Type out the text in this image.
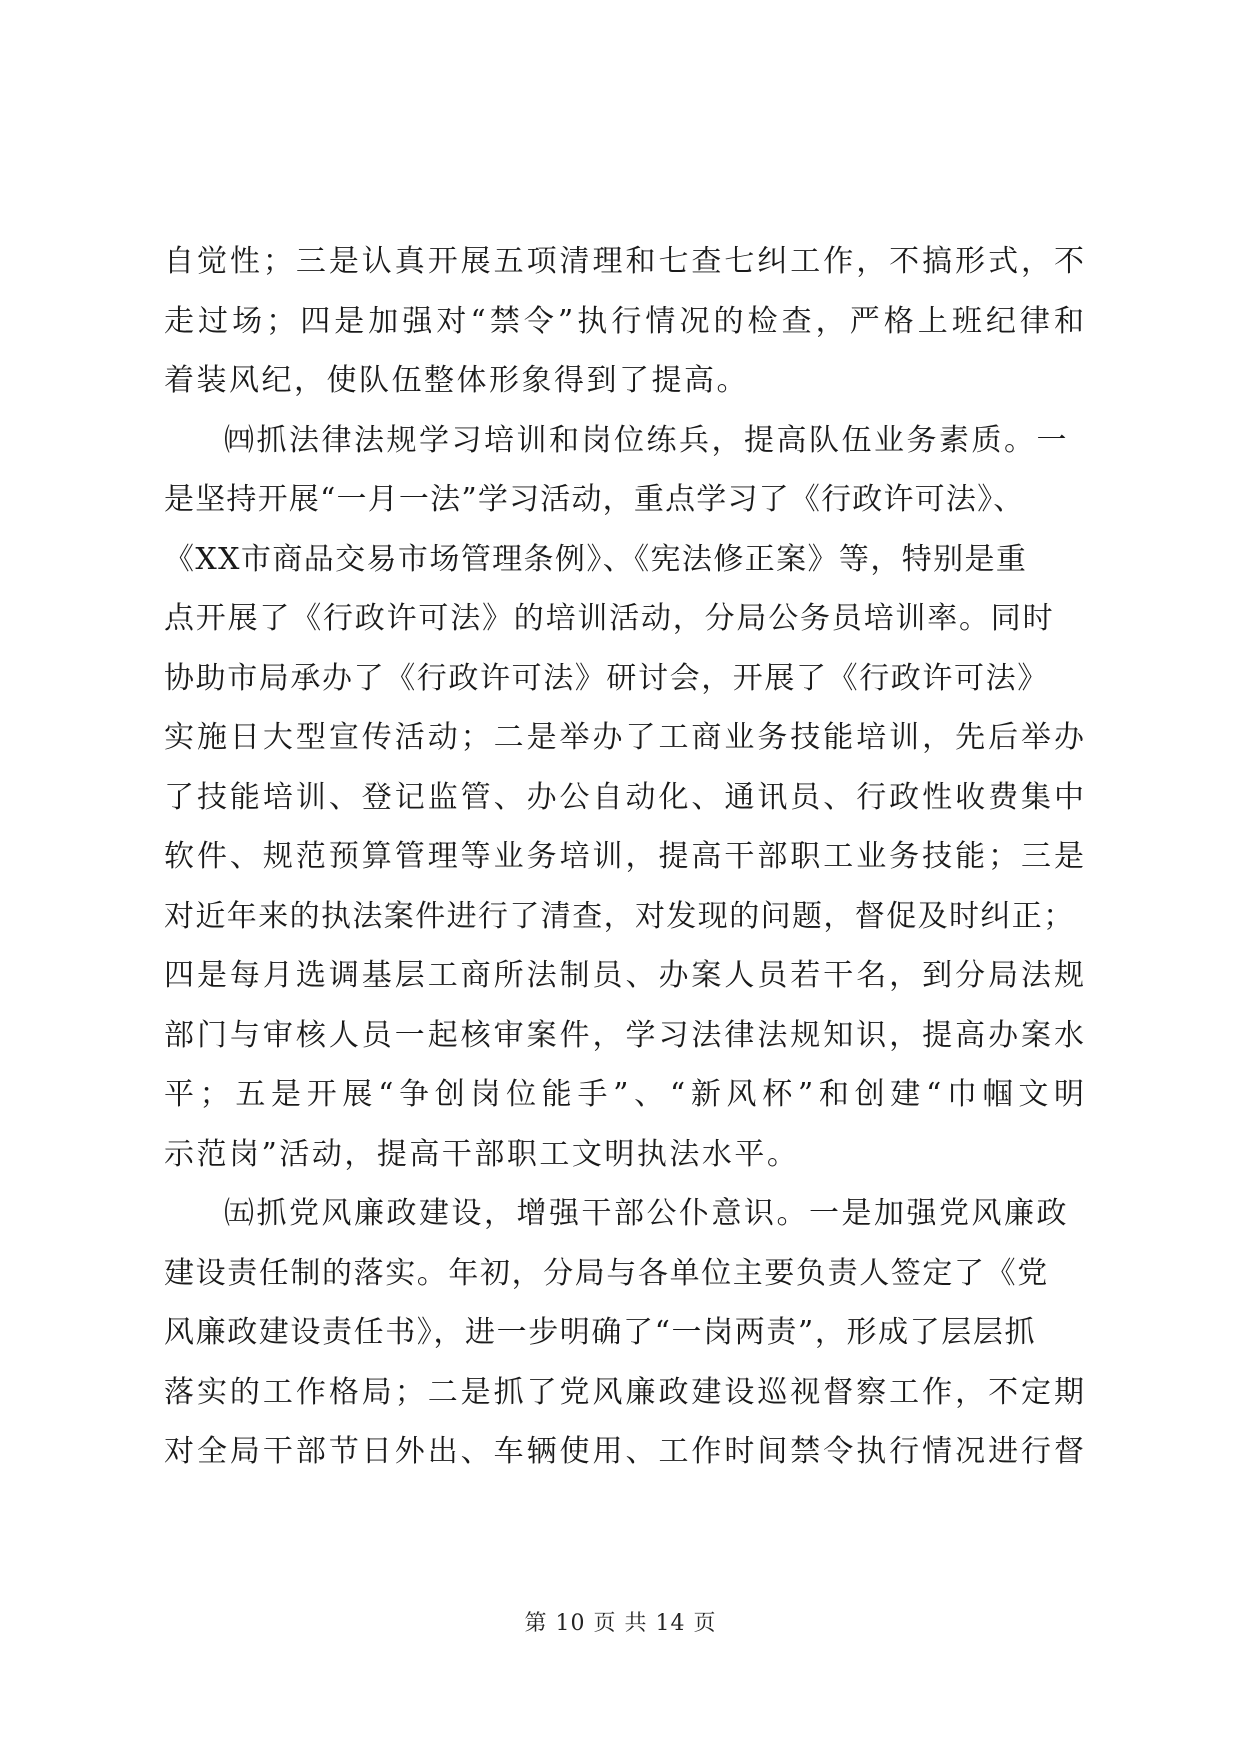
自觉性；三是认真开展五项清理和七查七纠工作，不搞形式，不
走过场；四是加强对“禁令”执行情况的检查，严格上班纪律和
着装风纪，使队伍整体形象得到了提高。
㈣抓法律法规学习培训和岗位练兵，提高队伍业务素质。一
是坚持开展“一月一法”学习活动，重点学习了《行政许可法》、
《XX市商品交易市场管理条例》、《宪法修正案》等，特别是重
点开展了《行政许可法》的培训活动，分局公务员培训率。同时
协助市局承办了《行政许可法》研讨会，开展了《行政许可法》
实施日大型宣传活动；二是举办了工商业务技能培训，先后举办
了技能培训、登记监管、办公自动化、通讯员、行政性收费集中
软件、规范预算管理等业务培训，提高干部职工业务技能；三是
对近年来的执法案件进行了清查，对发现的问题，督促及时纠正；
四是每月选调基层工商所法制员、办案人员若干名，到分局法规
部门与审核人员一起核审案件，学习法律法规知识，提高办案水
平；五是开展“争创岗位能手”、“新风杯”和创建“巾帼文明
示范岗”活动，提高干部职工文明执法水平。
㈤抓党风廉政建设，增强干部公仆意识。一是加强党风廉政
建设责任制的落实。年初，分局与各单位主要负责人签定了《党
风廉政建设责任书》，进一步明确了“一岗两责”，形成了层层抓
落实的工作格局；二是抓了党风廉政建设巡视督察工作，不定期
对全局干部节日外出、车辆使用、工作时间禁令执行情况进行督
第 10 页 共 14 页
